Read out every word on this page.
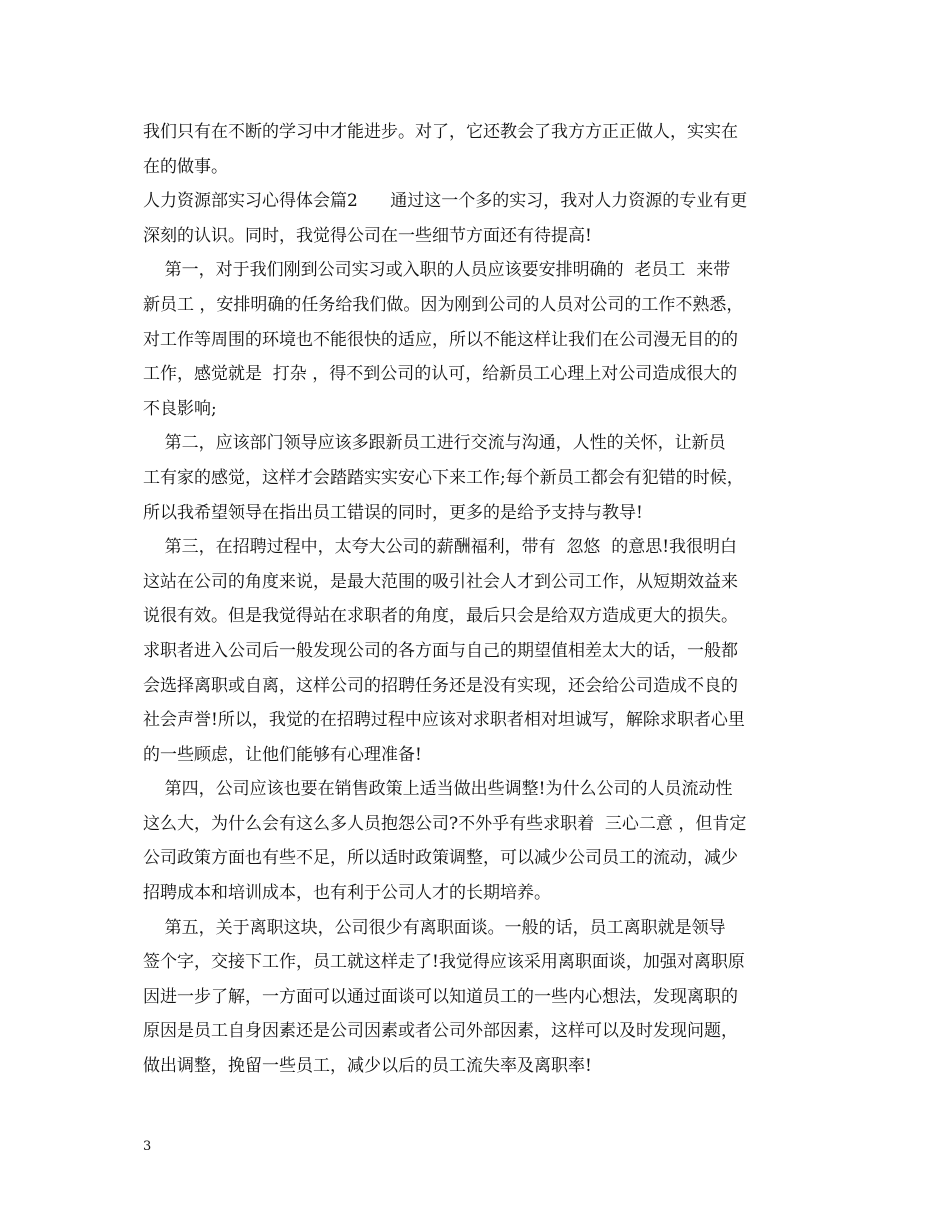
我们只有在不断的学习中才能进步。对了，它还教会了我方方正正做人，实实在
在的做事。
人力资源部实习心得体会篇2      通过这一个多的实习，我对人力资源的专业有更
深刻的认识。同时，我觉得公司在一些细节方面还有待提高!
第一，对于我们刚到公司实习或入职的人员应该要安排明确的  老员工  来带
新员工 ，安排明确的任务给我们做。因为刚到公司的人员对公司的工作不熟悉，
对工作等周围的环境也不能很快的适应，所以不能这样让我们在公司漫无目的的
工作，感觉就是  打杂 ，得不到公司的认可，给新员工心理上对公司造成很大的
不良影响;
第二，应该部门领导应该多跟新员工进行交流与沟通，人性的关怀，让新员
工有家的感觉，这样才会踏踏实实安心下来工作;每个新员工都会有犯错的时候，
所以我希望领导在指出员工错误的同时，更多的是给予支持与教导!
第三，在招聘过程中，太夸大公司的薪酬福利，带有  忽悠  的意思!我很明白
这站在公司的角度来说，是最大范围的吸引社会人才到公司工作，从短期效益来
说很有效。但是我觉得站在求职者的角度，最后只会是给双方造成更大的损失。
求职者进入公司后一般发现公司的各方面与自己的期望值相差太大的话，一般都
会选择离职或自离，这样公司的招聘任务还是没有实现，还会给公司造成不良的
社会声誉!所以，我觉的在招聘过程中应该对求职者相对坦诚写，解除求职者心里
的一些顾虑，让他们能够有心理准备!
第四，公司应该也要在销售政策上适当做出些调整!为什么公司的人员流动性
这么大，为什么会有这么多人员抱怨公司?不外乎有些求职着  三心二意 ，但肯定
公司政策方面也有些不足，所以适时政策调整，可以减少公司员工的流动，减少
招聘成本和培训成本，也有利于公司人才的长期培养。
第五，关于离职这块，公司很少有离职面谈。一般的话，员工离职就是领导
签个字，交接下工作，员工就这样走了!我觉得应该采用离职面谈，加强对离职原
因进一步了解，一方面可以通过面谈可以知道员工的一些内心想法，发现离职的
原因是员工自身因素还是公司因素或者公司外部因素，这样可以及时发现问题，
做出调整，挽留一些员工，减少以后的员工流失率及离职率!
3
